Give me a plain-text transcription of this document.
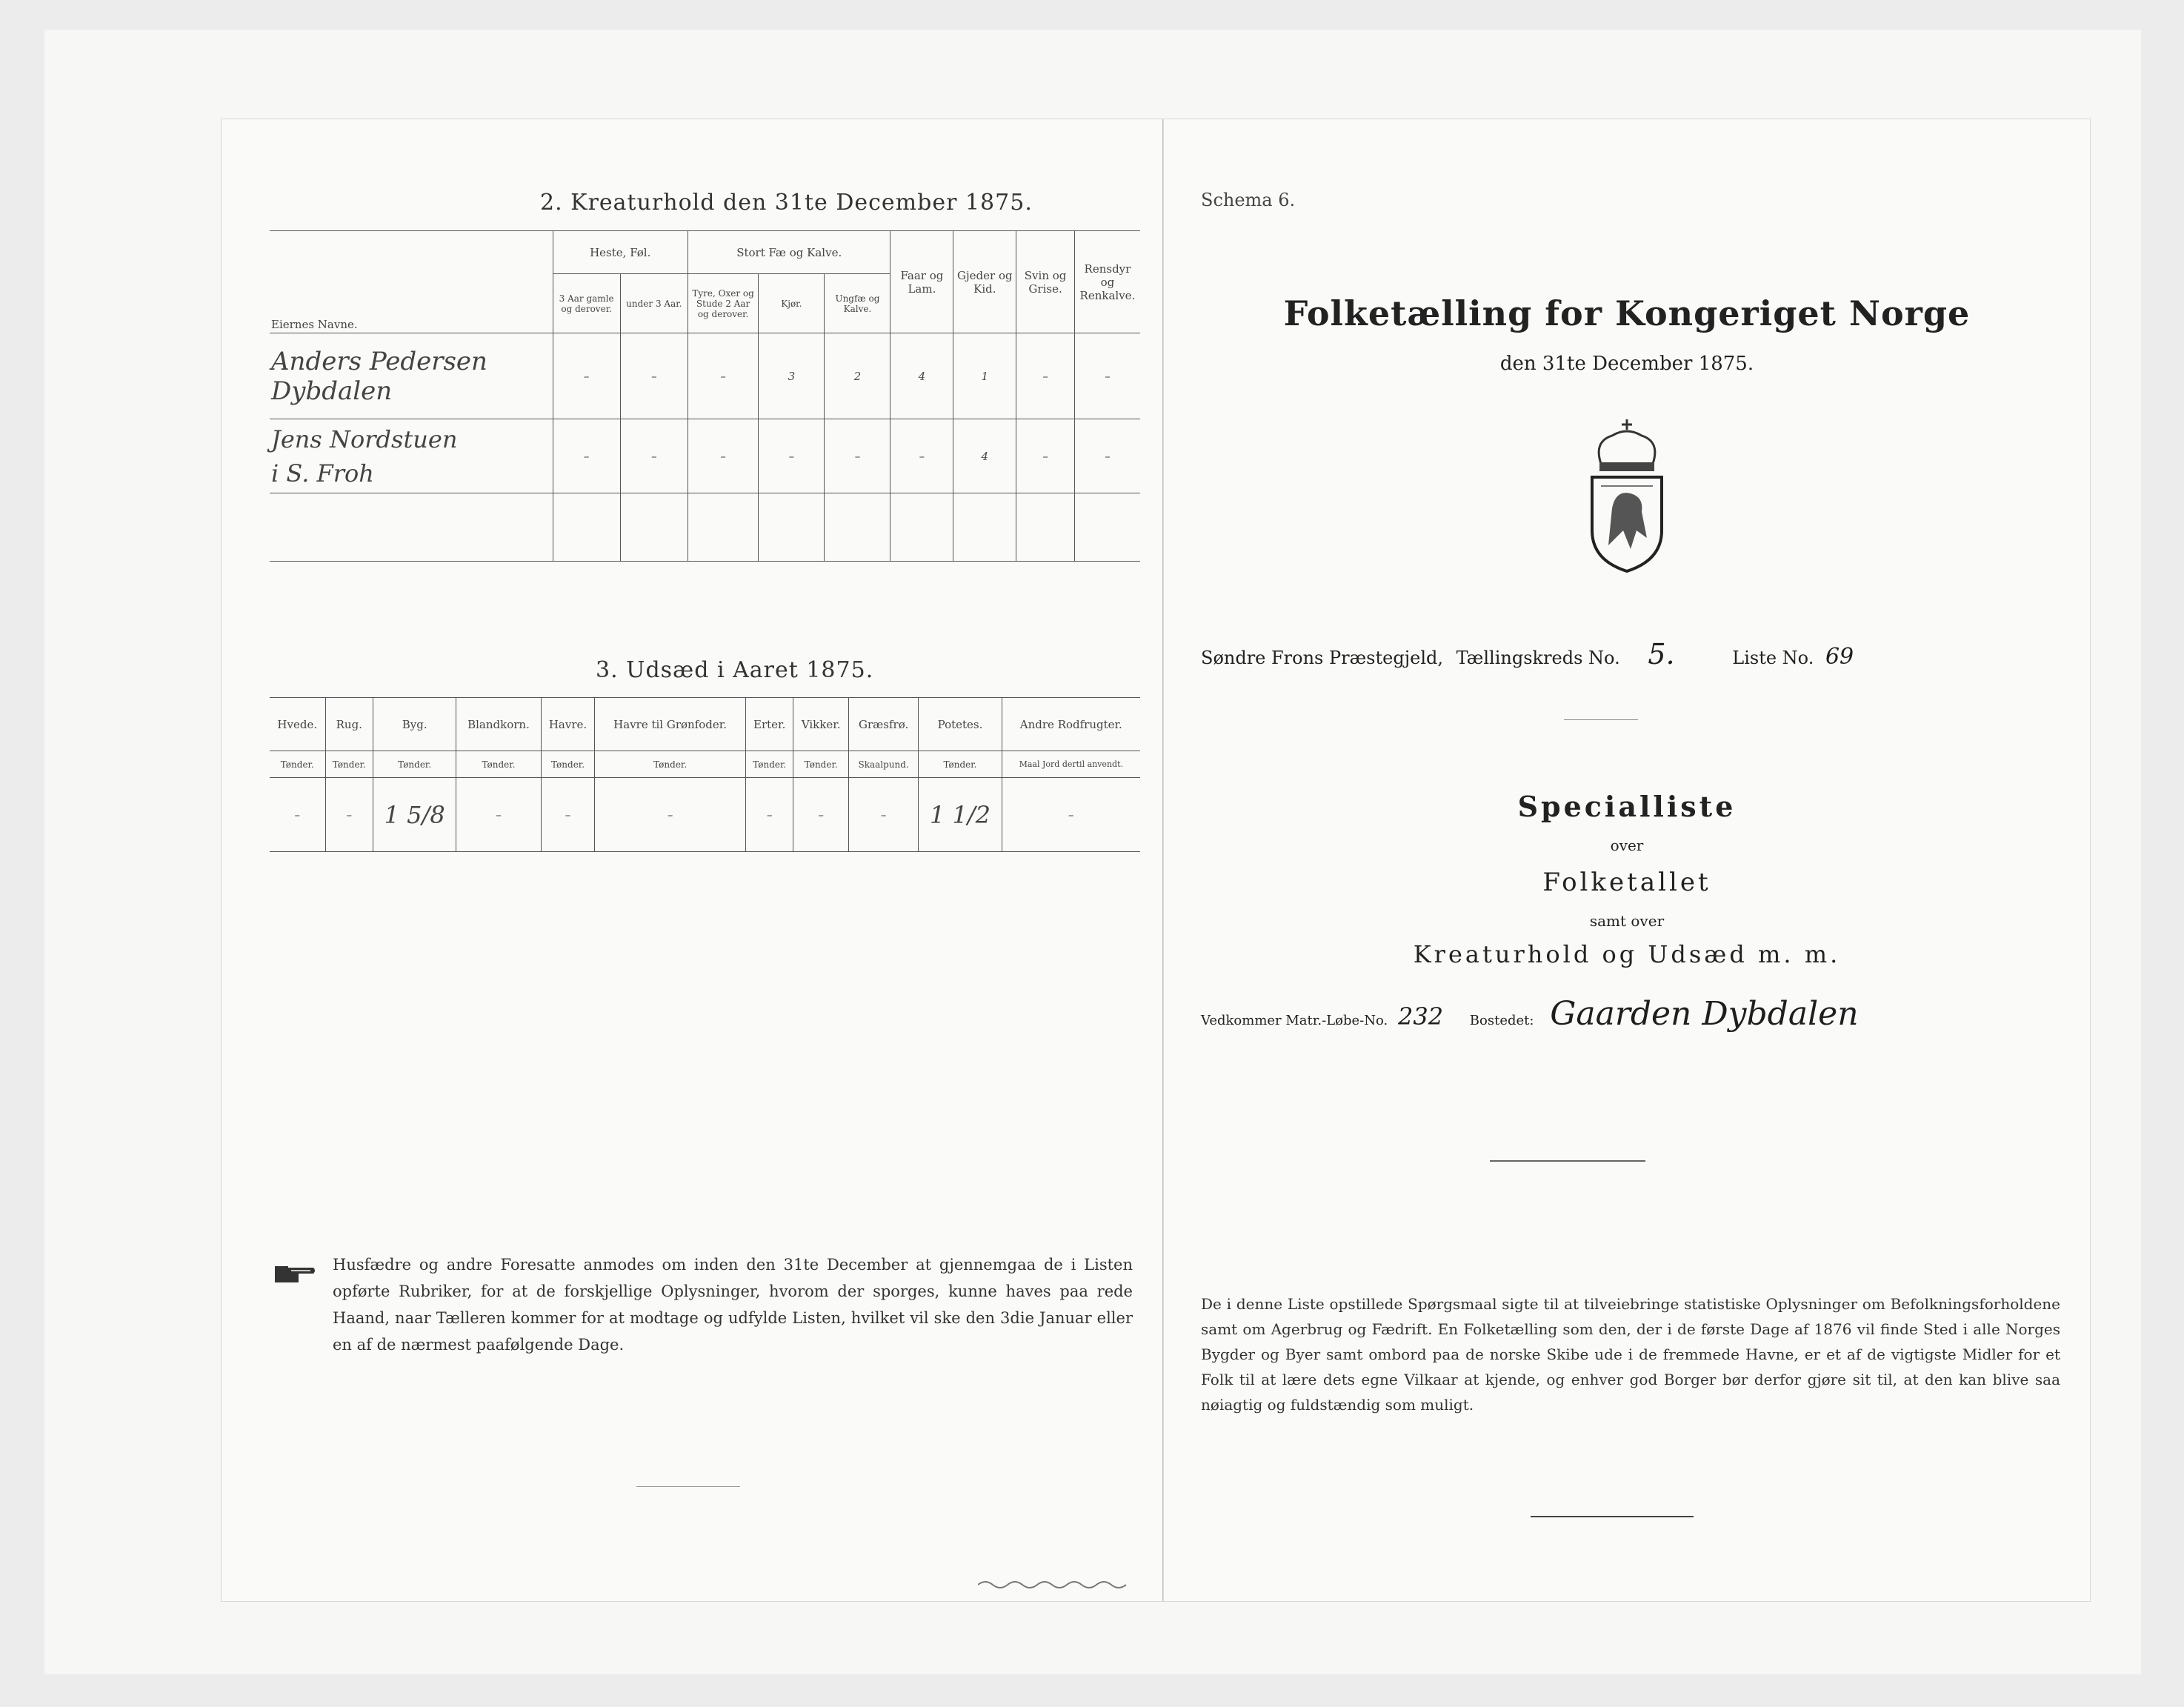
2. Kreaturhold den 31te December 1875.
Eiernes Navne.	Heste, Føl.		Stort Fæ og Kalve.			Faar og Lam.	Gjeder og Kid.	Svin og Grise.	Rensdyr og Renkalve.
	3 Aar gamle og derover.	under 3 Aar.	Tyre, Oxer og Stude 2 Aar og derover.	Kjør.	Ungfæ og Kalve.				
Anders Pedersen Dybdalen	–	–	–	3	2	4	1	–	–

Jens Nordstuen
i S. Froh	–	–	–	–	–	–	4	–	–

3. Udsæd i Aaret 1875.
Hvede.	Rug.	Byg.	Blandkorn.	Havre.	Havre til Grønfoder.	Erter.	Vikker.	Græsfrø.	Potetes.	Andre Rodfrugter.
Tønder.	Tønder.	Tønder.	Tønder.	Tønder.	Tønder.	Tønder.	Tønder.	Skaalpund.	Tønder.	Maal Jord dertil anvendt.
–	–	1 5/8	–	–	–	–	–	–	1 1/2	–
Husfædre og andre Foresatte anmodes om inden den 31te December at gjennemgaa de i Listen opførte Rubriker, for at de forskjellige Oplysninger, hvorom der sporges, kunne haves paa rede Haand, naar Tælleren kommer for at modtage og udfylde Listen, hvilket vil ske den 3die Januar eller en af de nærmest paafølgende Dage.
Schema 6.
Folketælling for Kongeriget Norge
den 31te December 1875.
Søndre Frons Præstegjeld, Tællingskreds No. 5.	Liste No. 69
Specialliste
over
Folketallet
samt over
Kreaturhold og Udsæd m. m.
Vedkommer Matr.-Løbe-No. 232 Bostedet: Gaarden Dybdalen
De i denne Liste opstillede Spørgsmaal sigte til at tilveiebringe statistiske Oplysninger om Befolkningsforholdene samt om Agerbrug og Fædrift. En Folketælling som den, der i de første Dage af 1876 vil finde Sted i alle Norges Bygder og Byer samt ombord paa de norske Skibe ude i de fremmede Havne, er et af de vigtigste Midler for et Folk til at lære dets egne Vilkaar at kjende, og enhver god Borger bør derfor gjøre sit til, at den kan blive saa nøiagtig og fuldstændig som muligt.
